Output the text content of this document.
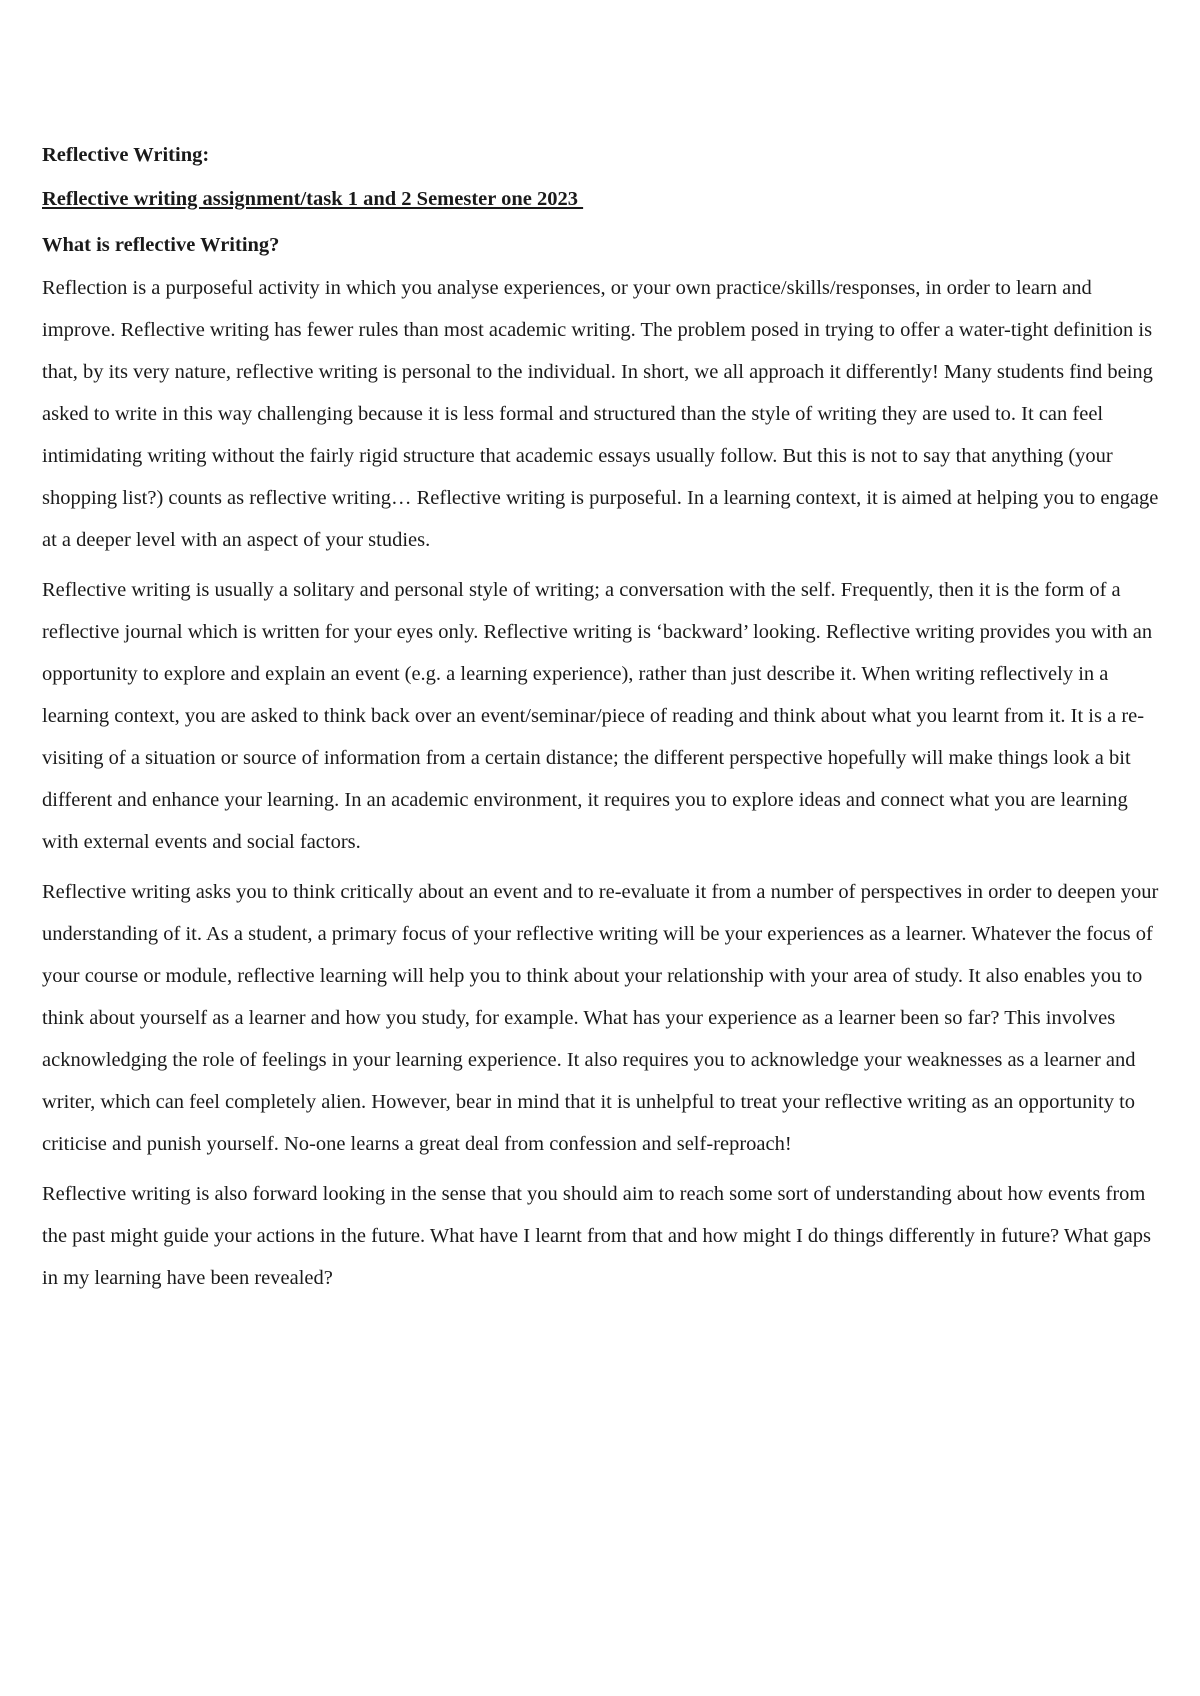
Reflective Writing:
Reflective writing assignment/task 1 and 2 Semester one 2023
What is reflective Writing?

Reflection is a purposeful activity in which you analyse experiences, or your own practice/skills/responses, in order to learn and improve. Reflective writing has fewer rules than most academic writing. The problem posed in trying to offer a water-tight definition is that, by its very nature, reflective writing is personal to the individual. In short, we all approach it differently! Many students find being asked to write in this way challenging because it is less formal and structured than the style of writing they are used to. It can feel intimidating writing without the fairly rigid structure that academic essays usually follow. But this is not to say that anything (your shopping list?) counts as reflective writing… Reflective writing is purposeful. In a learning context, it is aimed at helping you to engage at a deeper level with an aspect of your studies.

Reflective writing is usually a solitary and personal style of writing; a conversation with the self. Frequently, then it is the form of a reflective journal which is written for your eyes only. Reflective writing is ‘backward’ looking. Reflective writing provides you with an opportunity to explore and explain an event (e.g. a learning experience), rather than just describe it. When writing reflectively in a learning context, you are asked to think back over an event/seminar/piece of reading and think about what you learnt from it. It is a re-visiting of a situation or source of information from a certain distance; the different perspective hopefully will make things look a bit different and enhance your learning. In an academic environment, it requires you to explore ideas and connect what you are learning with external events and social factors.

Reflective writing asks you to think critically about an event and to re-evaluate it from a number of perspectives in order to deepen your understanding of it. As a student, a primary focus of your reflective writing will be your experiences as a learner. Whatever the focus of your course or module, reflective learning will help you to think about your relationship with your area of study. It also enables you to think about yourself as a learner and how you study, for example. What has your experience as a learner been so far? This involves acknowledging the role of feelings in your learning experience. It also requires you to acknowledge your weaknesses as a learner and writer, which can feel completely alien. However, bear in mind that it is unhelpful to treat your reflective writing as an opportunity to criticise and punish yourself. No-one learns a great deal from confession and self-reproach!

Reflective writing is also forward looking in the sense that you should aim to reach some sort of understanding about how events from the past might guide your actions in the future. What have I learnt from that and how might I do things differently in future? What gaps in my learning have been revealed?
